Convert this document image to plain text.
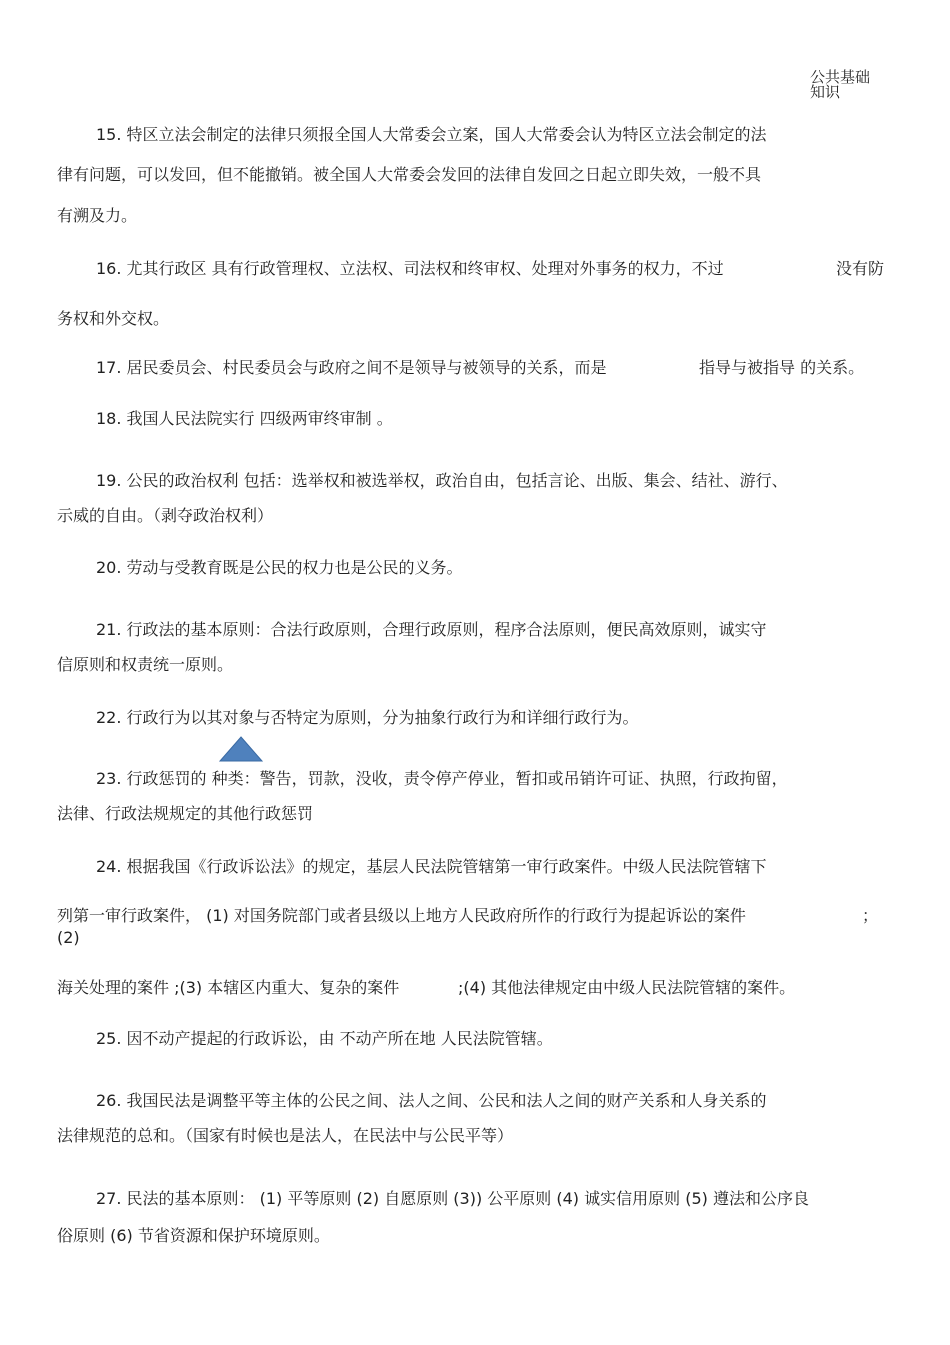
公共基础
知识
15. 特区立法会制定的法律只须报全国人大常委会立案，国人大常委会认为特区立法会制定的法
律有问题，可以发回，但不能撤销。被全国人大常委会发回的法律自发回之日起立即失效，一般不具
有溯及力。
16. 尤其行政区 具有行政管理权、立法权、司法权和终审权、处理对外事务的权力，不过	没有防
务权和外交权。
17. 居民委员会、村民委员会与政府之间不是领导与被领导的关系，而是	指导与被指导 的关系。
18. 我国人民法院实行 四级两审终审制 。
19. 公民的政治权利 包括：选举权和被选举权，政治自由，包括言论、出版、集会、结社、游行、
示威的自由。（剥夺政治权利）
20. 劳动与受教育既是公民的权力也是公民的义务。
21. 行政法的基本原则：合法行政原则，合理行政原则，程序合法原则，便民高效原则，诚实守
信原则和权责统一原则。
22. 行政行为以其对象与否特定为原则，分为抽象行政行为和详细行政行为。
23. 行政惩罚的 种类：警告，罚款，没收，责令停产停业，暂扣或吊销许可证、执照，行政拘留，
法律、行政法规规定的其他行政惩罚
24. 根据我国《行政诉讼法》的规定，基层人民法院管辖第一审行政案件。中级人民法院管辖下
列第一审行政案件， (1) 对国务院部门或者县级以上地方人民政府所作的行政行为提起诉讼的案件	；
(2)
海关处理的案件 ;(3) 本辖区内重大、复杂的案件	;(4) 其他法律规定由中级人民法院管辖的案件。
25. 因不动产提起的行政诉讼，由 不动产所在地 人民法院管辖。
26. 我国民法是调整平等主体的公民之间、法人之间、公民和法人之间的财产关系和人身关系的
法律规范的总和。（国家有时候也是法人，在民法中与公民平等）
27. 民法的基本原则： (1) 平等原则 (2) 自愿原则 (3)) 公平原则 (4) 诚实信用原则 (5) 遵法和公序良
俗原则 (6) 节省资源和保护环境原则。
